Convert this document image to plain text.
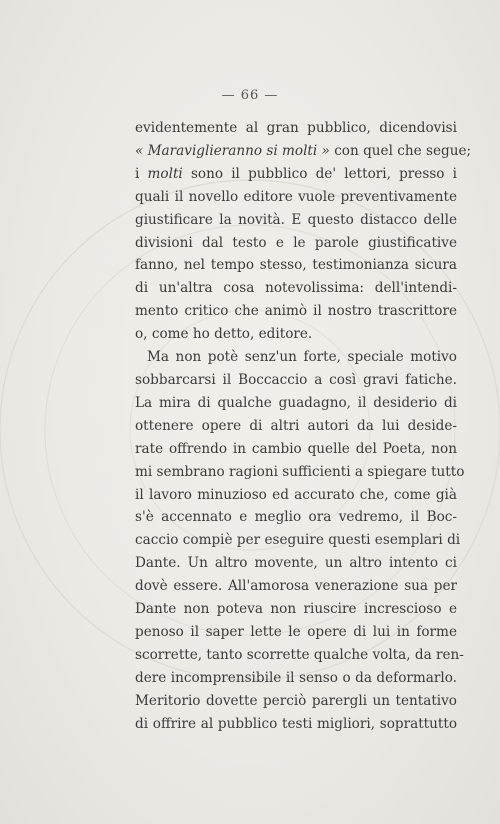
— 66 —
evidentemente al gran pubblico, dicendovisi
« Maraviglieranno si molti » con quel che segue;
i molti sono il pubblico de' lettori, presso i
quali il novello editore vuole preventivamente
giustificare la novità. E questo distacco delle
divisioni dal testo e le parole giustificative
fanno, nel tempo stesso, testimonianza sicura
di un'altra cosa notevolissima: dell'intendi-
mento critico che animò il nostro trascrittore
o, come ho detto, editore.
Ma non potè senz'un forte, speciale motivo
sobbarcarsi il Boccaccio a così gravi fatiche.
La mira di qualche guadagno, il desiderio di
ottenere opere di altri autori da lui deside-
rate offrendo in cambio quelle del Poeta, non
mi sembrano ragioni sufficienti a spiegare tutto
il lavoro minuzioso ed accurato che, come già
s'è accennato e meglio ora vedremo, il Boc-
caccio compiè per eseguire questi esemplari di
Dante. Un altro movente, un altro intento ci
dovè essere. All'amorosa venerazione sua per
Dante non poteva non riuscire increscioso e
penoso il saper lette le opere di lui in forme
scorrette, tanto scorrette qualche volta, da ren-
dere incomprensibile il senso o da deformarlo.
Meritorio dovette perciò parergli un tentativo
di offrire al pubblico testi migliori, soprattutto
